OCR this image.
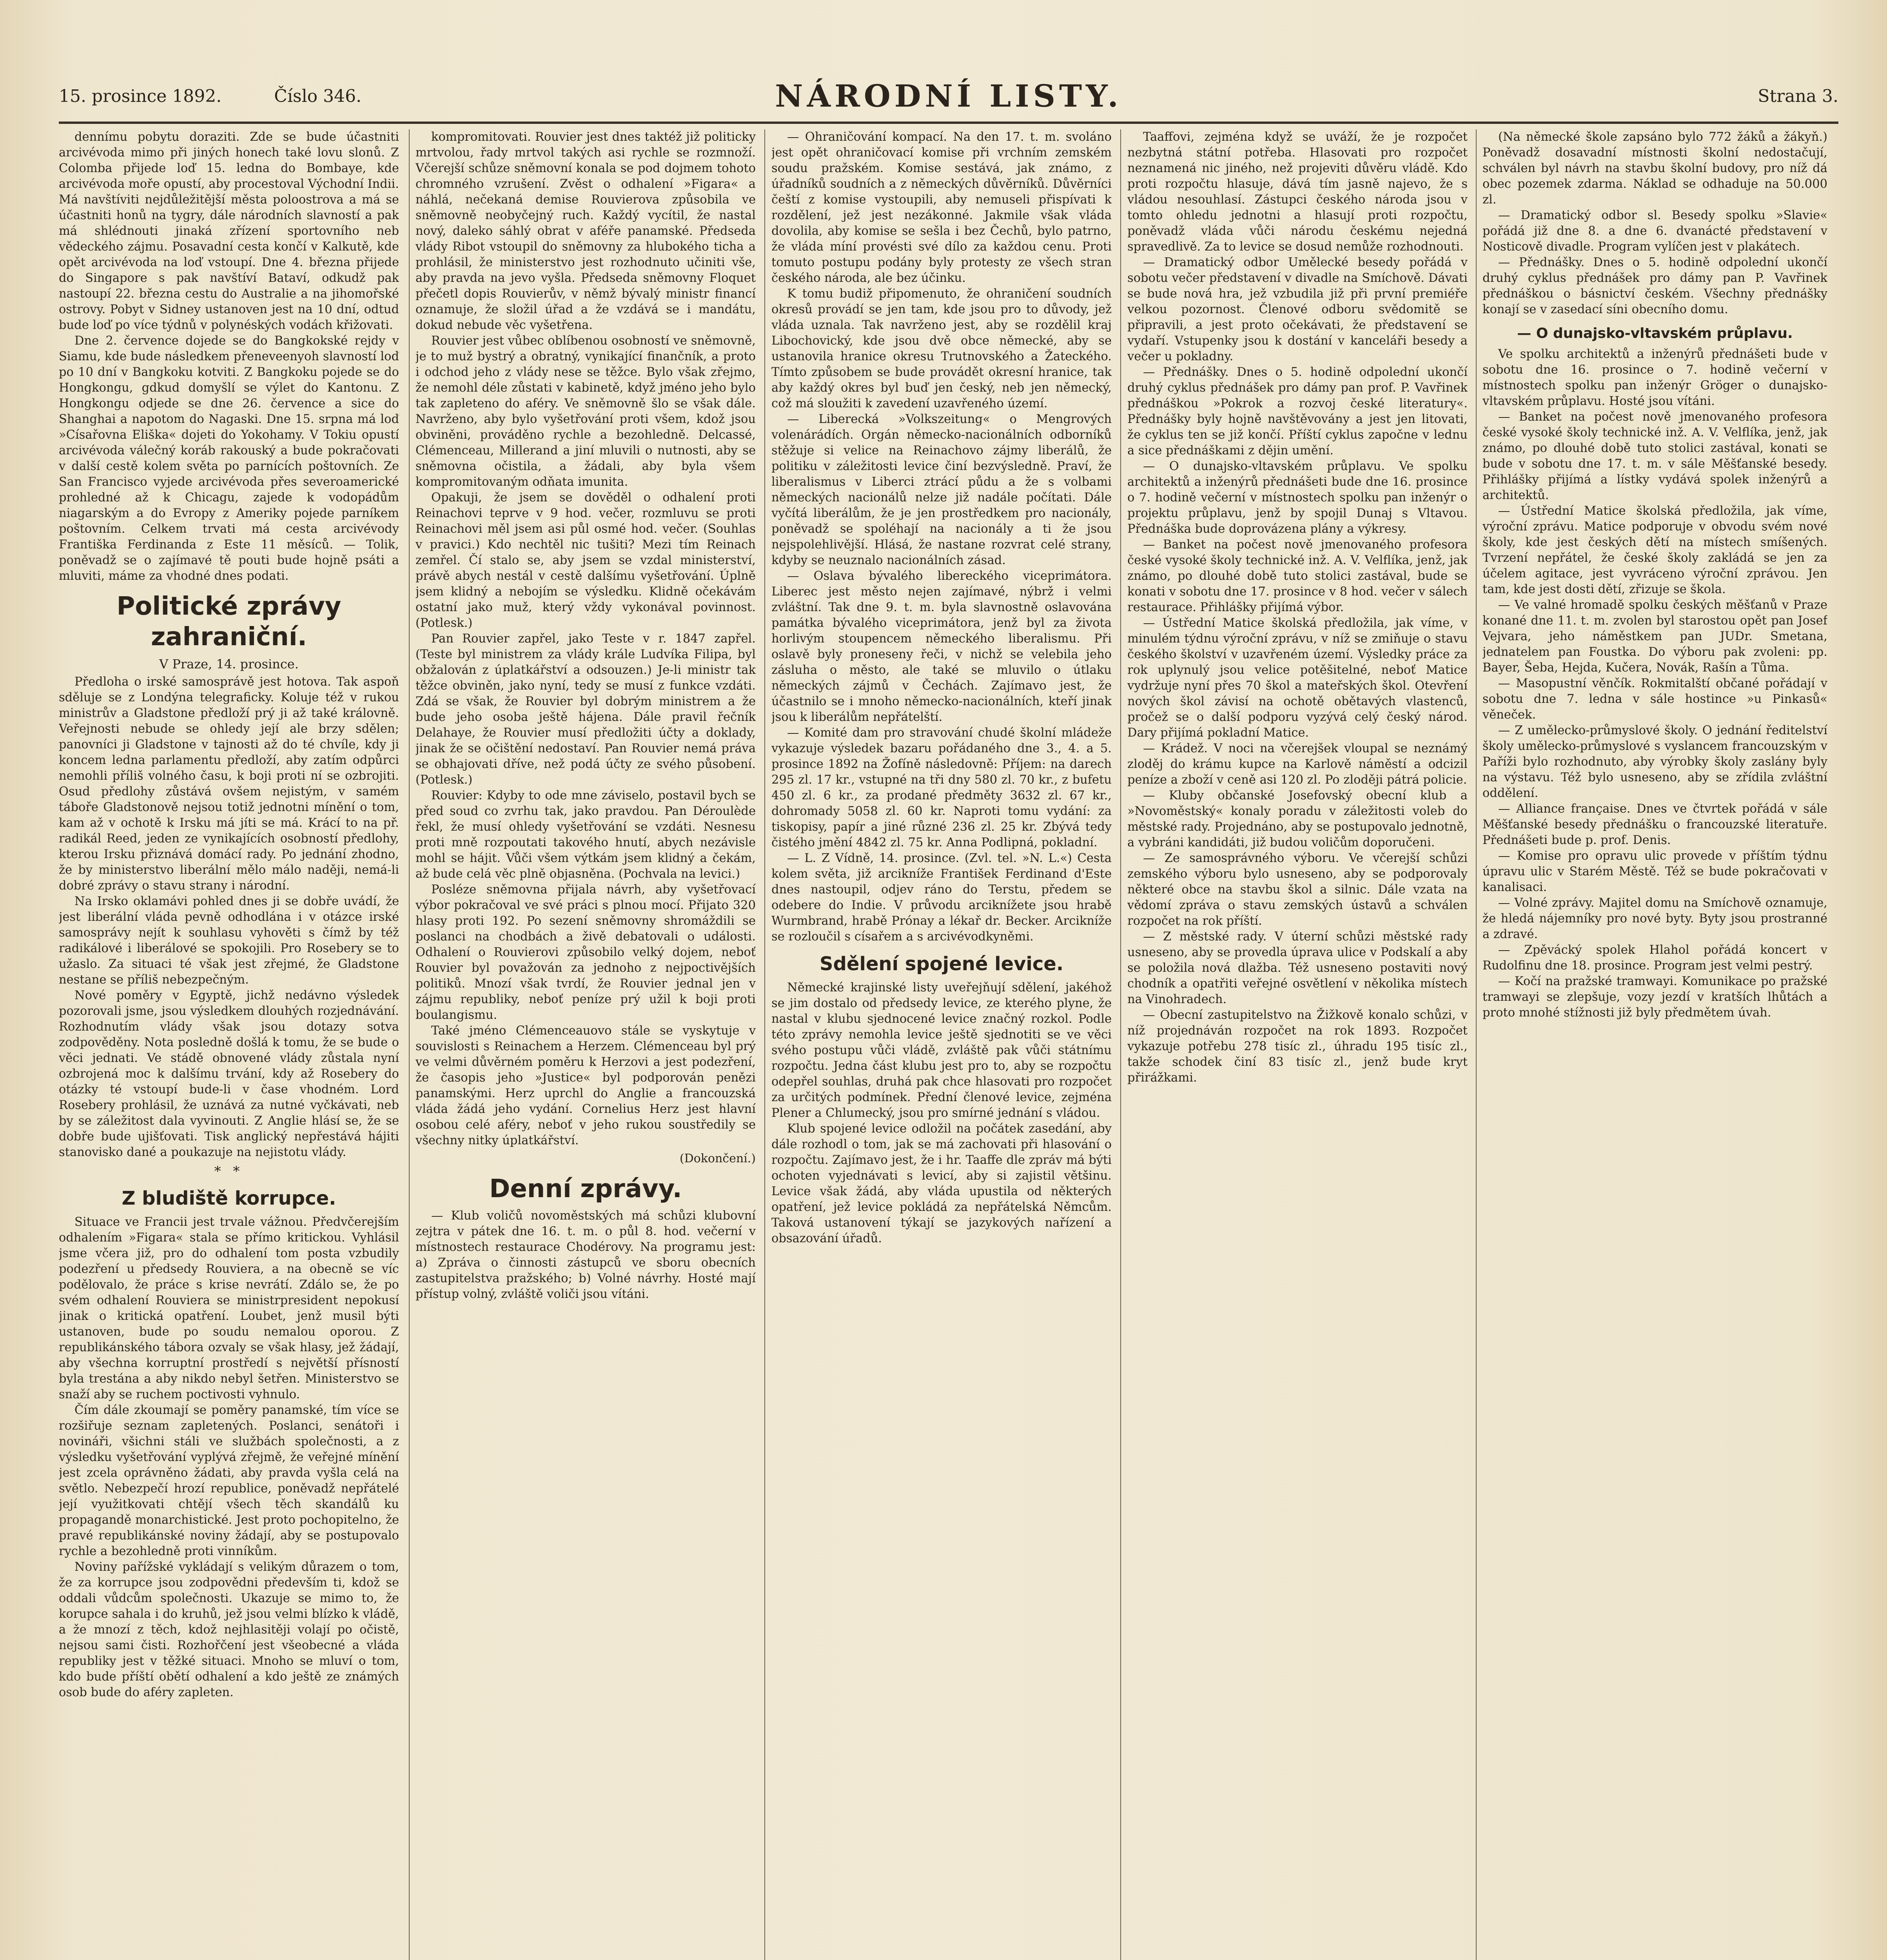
15. prosince 1892.	Číslo 346.	NÁRODNÍ LISTY.	Strana 3.

dennímu pobytu doraziti. Zde se bude účastniti arcivévoda mimo při jiných honech také lovu slonů. Z Colomba přijede loď 15. ledna do Bombaye, kde arcivévoda moře opustí, aby procestoval Východní Indii. Má navštíviti nejdůležitější města poloostrova a má se účastniti honů na tygry, dále národních slavností a pak má shlédnouti jinaká zřízení sportovního neb vědeckého zájmu. Posavadní cesta končí v Kalkutě, kde opět arcivévoda na loď vstoupí. Dne 4. března přijede do Singapore s pak navštíví Bataví, odkudž pak nastoupí 22. března cestu do Australie a na jihomořské ostrovy. Pobyt v Sidney ustanoven jest na 10 dní, odtud bude loď po více týdnů v polynéských vodách křižovati.

Dne 2. července dojede se do Bangkokské rejdy v Siamu, kde bude následkem přeneveenyoh slavností loď po 10 dní v Bangkoku kotviti. Z Bangkoku pojede se do Hongkongu, gdkud domyšlí se výlet do Kantonu. Z Hongkongu odjede se dne 26. července a sice do Shanghai a napotom do Nagaski. Dne 15. srpna má loď »Císařovna Eliška« dojeti do Yokohamy. V Tokiu opustí arcivévoda válečný koráb rakouský a bude pokračovati v další cestě kolem světa po parnících poštovních. Ze San Francisco vyjede arcivévoda přes severoamerické prohledné až k Chicagu, zajede k vodopádům niagarským a do Evropy z Ameriky pojede parníkem poštovním. Celkem trvati má cesta arcivévody Františka Ferdinanda z Este 11 měsíců. — Tolik, poněvadž se o zajímavé tě pouti bude hojně psáti a mluviti, máme za vhodné dnes podati.

Politické zprávy zahraniční.
V Praze, 14. prosince.

Předloha o irské samosprávě jest hotova. Tak aspoň sděluje se z Londýna telegraficky. Koluje též v rukou ministrův a Gladstone předloží prý ji až také královně. Veřejnosti nebude se ohledy její ale brzy sdělen; panovníci ji Gladstone v tajnosti až do té chvíle, kdy ji koncem ledna parlamentu předloží, aby zatím odpůrci nemohli příliš volného času, k boji proti ní se ozbrojiti. Osud předlohy zůstává ovšem nejistým, v samém táboře Gladstonově nejsou totiž jednotni mínění o tom, kam až v ochotě k Irsku má jíti se má. Krácí to na př. radikál Reed, jeden ze vynikajících osobností předlohy, kterou Irsku přiznává domácí rady. Po jednání zhodno, že by ministerstvo liberální mělo málo naději, nemá-li dobré zprávy o stavu strany i národní.

Na Irsko oklamávi pohled dnes ji se dobře uvádí, že jest liberální vláda pevně odhodlána i v otázce irské samosprávy nejít k souhlasu vyhověti s čímž by též radikálové i liberálové se spokojili. Pro Rosebery se to užaslo. Za situaci té však jest zřejmé, že Gladstone nestane se příliš nebezpečným.

Nové poměry v Egyptě, jichž nedávno výsledek pozorovali jsme, jsou výsledkem dlouhých rozjednávání. Rozhodnutím vlády však jsou dotazy sotva zodpověděny. Nota posledně došlá k tomu, že se bude o věci jednati. Ve stádě obnovené vlády zůstala nyní ozbrojená moc k dalšímu trvání, kdy až Rosebery do otázky té vstoupí bude-li v čase vhodném. Lord Rosebery prohlásil, že uznává za nutné vyčkávati, neb by se záležitost dala vyvinouti. Z Anglie hlásí se, že se dobře bude ujišťovati. Tisk anglický nepřestává hájiti stanovisko dané a poukazuje na nejistotu vlády.

* *
Z bludiště korrupce.

Situace ve Francii jest trvale vážnou. Předvčerejším odhalením »Figara« stala se přímo kritickou. Vyhlásil jsme včera již, pro do odhalení tom posta vzbudily podezření u předsedy Rouviera, a na obecně se víc podělovalo, že práce s krise nevrátí. Zdálo se, že po svém odhalení Rouviera se ministrpresident nepokusí jinak o kritická opatření. Loubet, jenž musil býti ustanoven, bude po soudu nemalou oporou. Z republikánského tábora ozvaly se však hlasy, jež žádají, aby všechna korruptní prostředí s největší přísností byla trestána a aby nikdo nebyl šetřen. Ministerstvo se snaží aby se ruchem poctivosti vyhnulo.

Čím dále zkoumají se poměry panamské, tím více se rozšiřuje seznam zapletených. Poslanci, senátoři i novináři, všichni stáli ve službách společnosti, a z výsledku vyšetřování vyplývá zřejmě, že veřejné mínění jest zcela oprávněno žádati, aby pravda vyšla celá na světlo. Nebezpečí hrozí republice, poněvadž nepřátelé její využitkovati chtějí všech těch skandálů ku propagandě monarchistické. Jest proto pochopitelno, že pravé republikánské noviny žádají, aby se postupovalo rychle a bezohledně proti vinníkům.

Noviny pařížské vykládají s velikým důrazem o tom, že za korrupce jsou zodpovědni především ti, kdož se oddali vůdcům společnosti. Ukazuje se mimo to, že korupce sahala i do kruhů, jež jsou velmi blízko k vládě, a že mnozí z těch, kdož nejhlasitěji volají po očistě, nejsou sami čisti. Rozhořčení jest všeobecné a vláda republiky jest v těžké situaci. Mnoho se mluví o tom, kdo bude příští obětí odhalení a kdo ještě ze známých osob bude do aféry zapleten.

kompromitovati. Rouvier jest dnes taktéž již politicky mrtvolou, řady mrtvol takých asi rychle se rozmnoží. Včerejší schůze sněmovní konala se pod dojmem tohoto chromného vzrušení. Zvěst o odhalení »Figara« a náhlá, nečekaná demise Rouvierova způsobila ve sněmovně neobyčejný ruch. Každý vycítil, že nastal nový, daleko sáhlý obrat v aféře panamské. Předseda vlády Ribot vstoupil do sněmovny za hlubokého ticha a prohlásil, že ministerstvo jest rozhodnuto učiniti vše, aby pravda na jevo vyšla. Předseda sněmovny Floquet přečetl dopis Rouvierův, v němž bývalý ministr financí oznamuje, že složil úřad a že vzdává se i mandátu, dokud nebude věc vyšetřena.

Rouvier jest vůbec oblíbenou osobností ve sněmovně, je to muž bystrý a obratný, vynikající finančník, a proto i odchod jeho z vlády nese se těžce. Bylo však zřejmo, že nemohl déle zůstati v kabinetě, když jméno jeho bylo tak zapleteno do aféry. Ve sněmovně šlo se však dále. Navrženo, aby bylo vyšetřování proti všem, kdož jsou obviněni, prováděno rychle a bezohledně. Delcassé, Clémenceau, Millerand a jiní mluvili o nutnosti, aby se sněmovna očistila, a žádali, aby byla všem kompromitovaným odňata imunita.

Opakuji, že jsem se dověděl o odhalení proti Reinachovi teprve v 9 hod. večer, rozmluvu se proti Reinachovi měl jsem asi půl osmé hod. večer. (Souhlas v pravici.) Kdo nechtěl nic tušiti? Mezi tím Reinach zemřel. Čí stalo se, aby jsem se vzdal ministerství, právě abych nestál v cestě dalšímu vyšetřování. Úplně jsem klidný a nebojím se výsledku. Klidně očekávám ostatní jako muž, který vždy vykonával povinnost. (Potlesk.)

Pan Rouvier zapřel, jako Teste v r. 1847 zapřel. (Teste byl ministrem za vlády krále Ludvíka Filipa, byl obžalován z úplatkářství a odsouzen.) Je-li ministr tak těžce obviněn, jako nyní, tedy se musí z funkce vzdáti. Zdá se však, že Rouvier byl dobrým ministrem a že bude jeho osoba ještě hájena. Dále pravil řečník Delahaye, že Rouvier musí předložiti účty a doklady, jinak že se očištění nedostaví. Pan Rouvier nemá práva se obhajovati dříve, než podá účty ze svého působení. (Potlesk.)

Rouvier: Kdyby to ode mne záviselo, postavil bych se před soud co zvrhu tak, jako pravdou. Pan Déroulède řekl, že musí ohledy vyšetřování se vzdáti. Nesnesu proti mně rozpoutati takového hnutí, abych nezávisle mohl se hájit. Vůči všem výtkám jsem klidný a čekám, až bude celá věc plně objasněna. (Pochvala na levici.)

Posléze sněmovna přijala návrh, aby vyšetřovací výbor pokračoval ve své práci s plnou mocí. Přijato 320 hlasy proti 192. Po sezení sněmovny shromáždili se poslanci na chodbách a živě debatovali o události. Odhalení o Rouvierovi způsobilo velký dojem, neboť Rouvier byl považován za jednoho z nejpoctivějších politiků. Mnozí však tvrdí, že Rouvier jednal jen v zájmu republiky, neboť peníze prý užil k boji proti boulangismu.

Také jméno Clémenceauovo stále se vyskytuje v souvislosti s Reinachem a Herzem. Clémenceau byl prý ve velmi důvěrném poměru k Herzovi a jest podezření, že časopis jeho »Justice« byl podporován penězi panamskými. Herz uprchl do Anglie a francouzská vláda žádá jeho vydání. Cornelius Herz jest hlavní osobou celé aféry, neboť v jeho rukou soustředily se všechny nitky úplatkářství.

(Dokončení.)
Denní zprávy.

— Klub voličů novoměstských má schůzi klubovní zejtra v pátek dne 16. t. m. o půl 8. hod. večerní v místnostech restaurace Chodérovy. Na programu jest: a) Zpráva o činnosti zástupců ve sboru obecních zastupitelstva pražského; b) Volné návrhy. Hosté mají přístup volný, zvláště voliči jsou vítáni.

— Ohraničování kompací. Na den 17. t. m. svoláno jest opět ohraničovací komise při vrchním zemském soudu pražském. Komise sestává, jak známo, z úřadníků soudních a z německých důvěrníků. Důvěrníci čeští z komise vystoupili, aby nemuseli přispívati k rozdělení, jež jest nezákonné. Jakmile však vláda dovolila, aby komise se sešla i bez Čechů, bylo patrno, že vláda míní provésti své dílo za každou cenu. Proti tomuto postupu podány byly protesty ze všech stran českého národa, ale bez účinku.

K tomu budiž připomenuto, že ohraničení soudních okresů provádí se jen tam, kde jsou pro to důvody, jež vláda uznala. Tak navrženo jest, aby se rozdělil kraj Libochovický, kde jsou dvě obce německé, aby se ustanovila hranice okresu Trutnovského a Žateckého. Tímto způsobem se bude provádět okresní hranice, tak aby každý okres byl buď jen český, neb jen německý, což má sloužiti k zavedení uzavřeného území.

— Liberecká »Volkszeitung« o Mengrových volenárádích. Orgán německo-nacionálních odborníků stěžuje si velice na Reinachovo zájmy liberálů, že politiku v záležitosti levice činí bezvýsledně. Praví, že liberalismus v Liberci ztrácí půdu a že s volbami německých nacionálů nelze již nadále počítati. Dále vyčítá liberálům, že je jen prostředkem pro nacionály, poněvadž se spoléhají na nacionály a ti že jsou nejspolehlivější. Hlásá, že nastane rozvrat celé strany, kdyby se neuznalo nacionálních zásad.

— Oslava bývalého libereckého viceprimátora. Liberec jest město nejen zajímavé, nýbrž i velmi zvláštní. Tak dne 9. t. m. byla slavnostně oslavována památka bývalého viceprimátora, jenž byl za života horlivým stoupencem německého liberalismu. Při oslavě byly proneseny řeči, v nichž se velebila jeho zásluha o město, ale také se mluvilo o útlaku německých zájmů v Čechách. Zajímavo jest, že účastnilo se i mnoho německo-nacionálních, kteří jinak jsou k liberálům nepřátelští.

— Komité dam pro stravování chudé školní mládeže vykazuje výsledek bazaru pořádaného dne 3., 4. a 5. prosince 1892 na Žofíně následovně: Příjem: na darech 295 zl. 17 kr., vstupné na tři dny 580 zl. 70 kr., z bufetu 450 zl. 6 kr., za prodané předměty 3632 zl. 67 kr., dohromady 5058 zl. 60 kr. Naproti tomu vydání: za tiskopisy, papír a jiné různé 236 zl. 25 kr. Zbývá tedy čistého jmění 4842 zl. 75 kr. Anna Podlipná, pokladní.

— L. Z Vídně, 14. prosince. (Zvl. tel. »N. L.«) Cesta kolem světa, již arcikníže František Ferdinand d'Este dnes nastoupil, odjev ráno do Terstu, předem se odebere do Indie. V průvodu arciknížete jsou hrabě Wurmbrand, hrabě Prónay a lékař dr. Becker. Arcikníže se rozloučil s císařem a s arcivévodkyněmi.

Sdělení spojené levice.

Německé krajinské listy uveřejňují sdělení, jakéhož se jim dostalo od předsedy levice, ze kterého plyne, že nastal v klubu sjednocené levice značný rozkol. Podle této zprávy nemohla levice ještě sjednotiti se ve věci svého postupu vůči vládě, zvláště pak vůči státnímu rozpočtu. Jedna část klubu jest pro to, aby se rozpočtu odepřel souhlas, druhá pak chce hlasovati pro rozpočet za určitých podmínek. Přední členové levice, zejména Plener a Chlumecký, jsou pro smírné jednání s vládou.

Klub spojené levice odložil na počátek zasedání, aby dále rozhodl o tom, jak se má zachovati při hlasování o rozpočtu. Zajímavo jest, že i hr. Taaffe dle zpráv má býti ochoten vyjednávati s levicí, aby si zajistil většinu. Levice však žádá, aby vláda upustila od některých opatření, jež levice pokládá za nepřátelská Němcům. Taková ustanovení týkají se jazykových nařízení a obsazování úřadů.

Taaffovi, zejména když se uváží, že je rozpočet nezbytná státní potřeba. Hlasovati pro rozpočet neznamená nic jiného, než projeviti důvěru vládě. Kdo proti rozpočtu hlasuje, dává tím jasně najevo, že s vládou nesouhlasí. Zástupci českého národa jsou v tomto ohledu jednotni a hlasují proti rozpočtu, poněvadž vláda vůči národu českému nejedná spravedlivě. Za to levice se dosud nemůže rozhodnouti.

— Dramatický odbor Umělecké besedy pořádá v sobotu večer představení v divadle na Smíchově. Dávati se bude nová hra, jež vzbudila již při první premiéře velkou pozornost. Členové odboru svědomitě se připravili, a jest proto očekávati, že představení se vydaří. Vstupenky jsou k dostání v kanceláři besedy a večer u pokladny.

— Přednášky. Dnes o 5. hodině odpolední ukončí druhý cyklus přednášek pro dámy pan prof. P. Vavřinek přednáškou »Pokrok a rozvoj české literatury«. Přednášky byly hojně navštěvovány a jest jen litovati, že cyklus ten se již končí. Příští cyklus započne v lednu a sice přednáškami z dějin umění.

— O dunajsko-vltavském průplavu. Ve spolku architektů a inženýrů přednášeti bude dne 16. prosince o 7. hodině večerní v místnostech spolku pan inženýr o projektu průplavu, jenž by spojil Dunaj s Vltavou. Přednáška bude doprovázena plány a výkresy.

— Banket na počest nově jmenovaného profesora české vysoké školy technické inž. A. V. Velflíka, jenž, jak známo, po dlouhé době tuto stolici zastával, bude se konati v sobotu dne 17. prosince v 8 hod. večer v sálech restaurace. Přihlášky přijímá výbor.

— Ústřední Matice školská předložila, jak víme, v minulém týdnu výroční zprávu, v níž se zmiňuje o stavu českého školství v uzavřeném území. Výsledky práce za rok uplynulý jsou velice potěšitelné, neboť Matice vydržuje nyní přes 70 škol a mateřských škol. Otevření nových škol závisí na ochotě obětavých vlastenců, pročež se o další podporu vyzývá celý český národ. Dary přijímá pokladní Matice.

— Krádež. V noci na včerejšek vloupal se neznámý zloděj do krámu kupce na Karlově náměstí a odcizil peníze a zboží v ceně asi 120 zl. Po zloději pátrá policie.

— Kluby občanské Josefovský obecní klub a »Novoměstský« konaly poradu v záležitosti voleb do městské rady. Projednáno, aby se postupovalo jednotně, a vybráni kandidáti, již budou voličům doporučeni.

— Ze samosprávného výboru. Ve včerejší schůzi zemského výboru bylo usneseno, aby se podporovaly některé obce na stavbu škol a silnic. Dále vzata na vědomí zpráva o stavu zemských ústavů a schválen rozpočet na rok příští.

— Z městské rady. V úterní schůzi městské rady usneseno, aby se provedla úprava ulice v Podskalí a aby se položila nová dlažba. Též usneseno postaviti nový chodník a opatřiti veřejné osvětlení v několika místech na Vinohradech.

— Obecní zastupitelstvo na Žižkově konalo schůzi, v níž projednáván rozpočet na rok 1893. Rozpočet vykazuje potřebu 278 tisíc zl., úhradu 195 tisíc zl., takže schodek činí 83 tisíc zl., jenž bude kryt přirážkami.

(Na německé škole zapsáno bylo 772 žáků a žákyň.) Poněvadž dosavadní místnosti školní nedostačují, schválen byl návrh na stavbu školní budovy, pro níž dá obec pozemek zdarma. Náklad se odhaduje na 50.000 zl.

— Dramatický odbor sl. Besedy spolku »Slavie« pořádá již dne 8. a dne 6. dvanácté představení v Nosticově divadle. Program vylíčen jest v plakátech.

— Přednášky. Dnes o 5. hodině odpolední ukončí druhý cyklus přednášek pro dámy pan P. Vavřinek přednáškou o básnictví českém. Všechny přednášky konají se v zasedací síni obecního domu.

— O dunajsko-vltavském průplavu.

Ve spolku architektů a inženýrů přednášeti bude v sobotu dne 16. prosince o 7. hodině večerní v místnostech spolku pan inženýr Gröger o dunajsko-vltavském průplavu. Hosté jsou vítáni.

— Banket na počest nově jmenovaného profesora české vysoké školy technické inž. A. V. Velflíka, jenž, jak známo, po dlouhé době tuto stolici zastával, konati se bude v sobotu dne 17. t. m. v sále Měšťanské besedy. Přihlášky přijímá a lístky vydává spolek inženýrů a architektů.

— Ústřední Matice školská předložila, jak víme, výroční zprávu. Matice podporuje v obvodu svém nové školy, kde jest českých dětí na místech smíšených. Tvrzení nepřátel, že české školy zakládá se jen za účelem agitace, jest vyvráceno výroční zprávou. Jen tam, kde jest dosti dětí, zřizuje se škola.

— Ve valné hromadě spolku českých měšťanů v Praze konané dne 11. t. m. zvolen byl starostou opět pan Josef Vejvara, jeho náměstkem pan JUDr. Smetana, jednatelem pan Foustka. Do výboru pak zvoleni: pp. Bayer, Šeba, Hejda, Kučera, Novák, Rašín a Tůma.

— Masopustní věnčík. Rokmitalští občané pořádají v sobotu dne 7. ledna v sále hostince »u Pinkasů« věneček.

— Z umělecko-průmyslové školy. O jednání ředitelství školy umělecko-průmyslové s vyslancem francouzským v Paříži bylo rozhodnuto, aby výrobky školy zaslány byly na výstavu. Též bylo usneseno, aby se zřídila zvláštní oddělení.

— Alliance française. Dnes ve čtvrtek pořádá v sále Měšťanské besedy přednášku o francouzské literatuře. Přednášeti bude p. prof. Denis.

— Komise pro opravu ulic provede v příštím týdnu úpravu ulic v Starém Městě. Též se bude pokračovati v kanalisaci.

— Volné zprávy. Majitel domu na Smíchově oznamuje, že hledá nájemníky pro nové byty. Byty jsou prostranné a zdravé.

— Zpěvácký spolek Hlahol pořádá koncert v Rudolfinu dne 18. prosince. Program jest velmi pestrý.

— Kočí na pražské tramwayi. Komunikace po pražské tramwayi se zlepšuje, vozy jezdí v kratších lhůtách a proto mnohé stížnosti již byly předmětem úvah.
